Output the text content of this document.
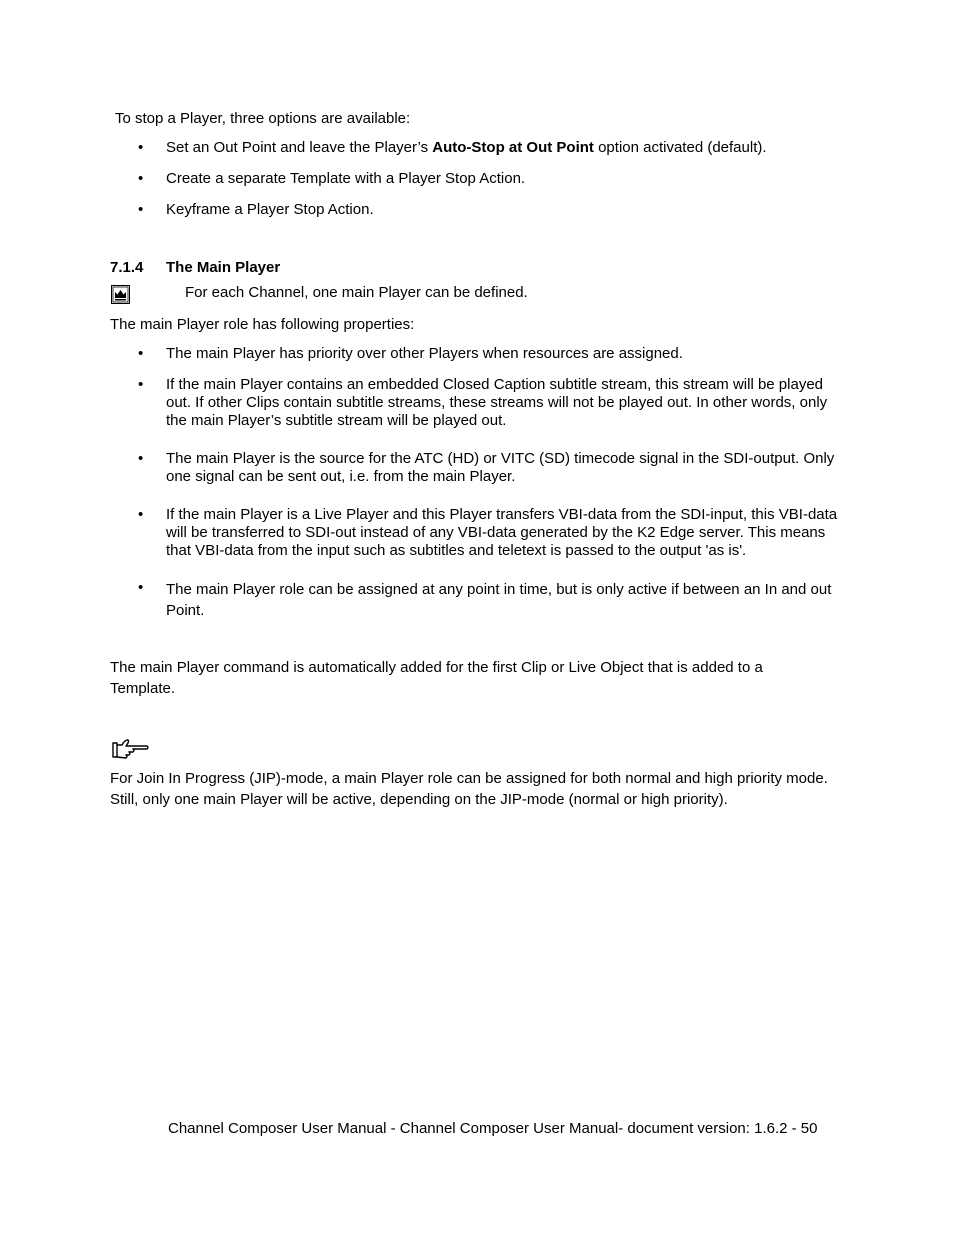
To stop a Player, three options are available:
• Set an Out Point and leave the Player’s Auto-Stop at Out Point option activated (default).
• Create a separate Template with a Player Stop Action.
• Keyframe a Player Stop Action.
7.1.4 The Main Player
For each Channel, one main Player can be defined.
The main Player role has following properties:
• The main Player has priority over other Players when resources are assigned.
• If the main Player contains an embedded Closed Caption subtitle stream, this stream will be played out. If other Clips contain subtitle streams, these streams will not be played out. In other words, only the main Player’s subtitle stream will be played out.
• The main Player is the source for the ATC (HD) or VITC (SD) timecode signal in the SDI-output. Only one signal can be sent out, i.e. from the main Player.
• If the main Player is a Live Player and this Player transfers VBI-data from the SDI-input, this VBI-data will be transferred to SDI-out instead of any VBI-data generated by the K2 Edge server. This means that VBI-data from the input such as subtitles and teletext is passed to the output 'as is'.
• The main Player role can be assigned at any point in time, but is only active if between an In and out Point.
The main Player command is automatically added for the first Clip or Live Object that is added to a Template.
For Join In Progress (JIP)-mode, a main Player role can be assigned for both normal and high priority mode. Still, only one main Player will be active, depending on the JIP-mode (normal or high priority).
Channel Composer User Manual - Channel Composer User Manual- document version: 1.6.2 - 50
